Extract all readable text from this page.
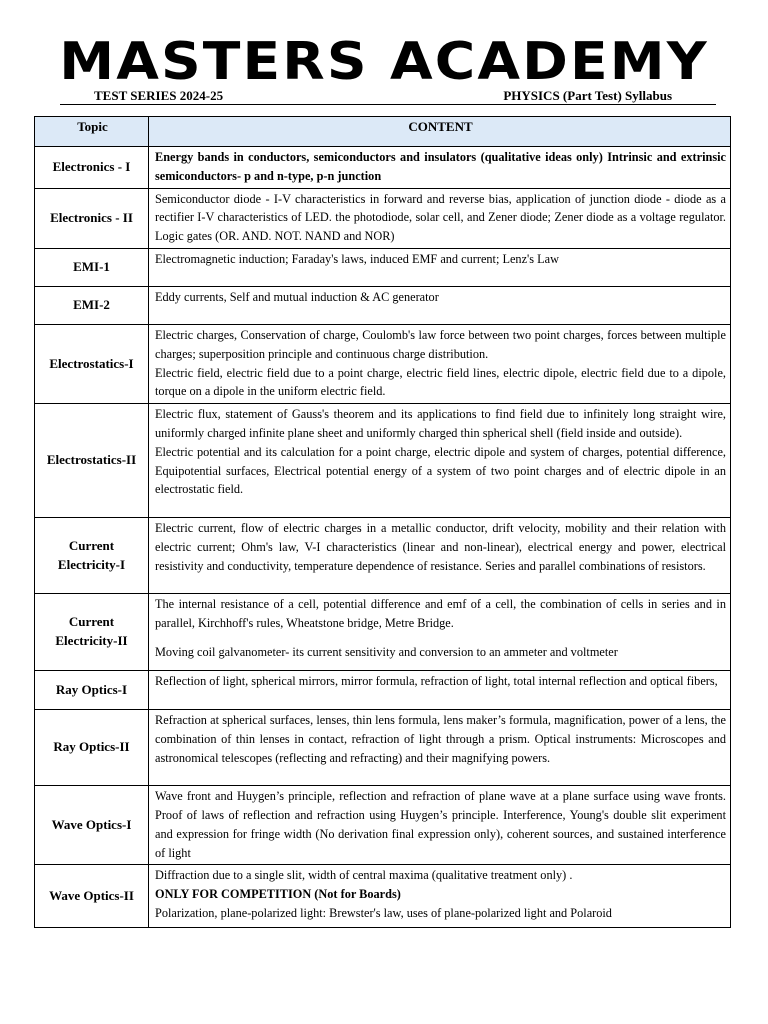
MASTERS ACADEMY
TEST SERIES 2024-25	PHYSICS (Part Test) Syllabus
Topic	CONTENT
Electronics - I	Energy bands in conductors, semiconductors and insulators (qualitative ideas only) Intrinsic and extrinsic semiconductors- p and n-type, p-n junction

Electronics - II	Semiconductor diode - I-V characteristics in forward and reverse bias, application of junction diode - diode as a rectifier I-V characteristics of LED. the photodiode, solar cell, and Zener diode; Zener diode as a voltage regulator. Logic gates (OR. AND. NOT. NAND and NOR)

EMI-1	Electromagnetic induction; Faraday's laws, induced EMF and current; Lenz's Law

EMI-2	Eddy currents, Self and mutual induction & AC generator

Electrostatics-I	Electric charges, Conservation of charge, Coulomb's law force between two point charges, forces between multiple charges; superposition principle and continuous charge distribution.

Electric field, electric field due to a point charge, electric field lines, electric dipole, electric field due to a dipole, torque on a dipole in the uniform electric field.

Electrostatics-II	Electric flux, statement of Gauss's theorem and its applications to find field due to infinitely long straight wire, uniformly charged infinite plane sheet and uniformly charged thin spherical shell (field inside and outside).

Electric potential and its calculation for a point charge, electric dipole and system of charges, potential difference, Equipotential surfaces, Electrical potential energy of a system of two point charges and of electric dipole in an electrostatic field.

Current Electricity-I	Electric current, flow of electric charges in a metallic conductor, drift velocity, mobility and their relation with electric current; Ohm's law, V-I characteristics (linear and non-linear), electrical energy and power, electrical resistivity and conductivity, temperature dependence of resistance. Series and parallel combinations of resistors.

Current Electricity-II	The internal resistance of a cell, potential difference and emf of a cell, the combination of cells in series and in parallel, Kirchhoff's rules, Wheatstone bridge, Metre Bridge.

Moving coil galvanometer- its current sensitivity and conversion to an ammeter and voltmeter

Ray Optics-I	Reflection of light, spherical mirrors, mirror formula, refraction of light, total internal reflection and optical fibers,

Ray Optics-II	Refraction at spherical surfaces, lenses, thin lens formula, lens maker’s formula, magnification, power of a lens, the combination of thin lenses in contact, refraction of light through a prism. Optical instruments: Microscopes and astronomical telescopes (reflecting and refracting) and their magnifying powers.

Wave Optics-I	Wave front and Huygen’s principle, reflection and refraction of plane wave at a plane surface using wave fronts. Proof of laws of reflection and refraction using Huygen’s principle. Interference, Young's double slit experiment and expression for fringe width (No derivation final expression only), coherent sources, and sustained interference of light

Wave Optics-II	Diffraction due to a single slit, width of central maxima (qualitative treatment only) .

ONLY FOR COMPETITION (Not for Boards)

Polarization, plane-polarized light: Brewster's law, uses of plane-polarized light and Polaroid
